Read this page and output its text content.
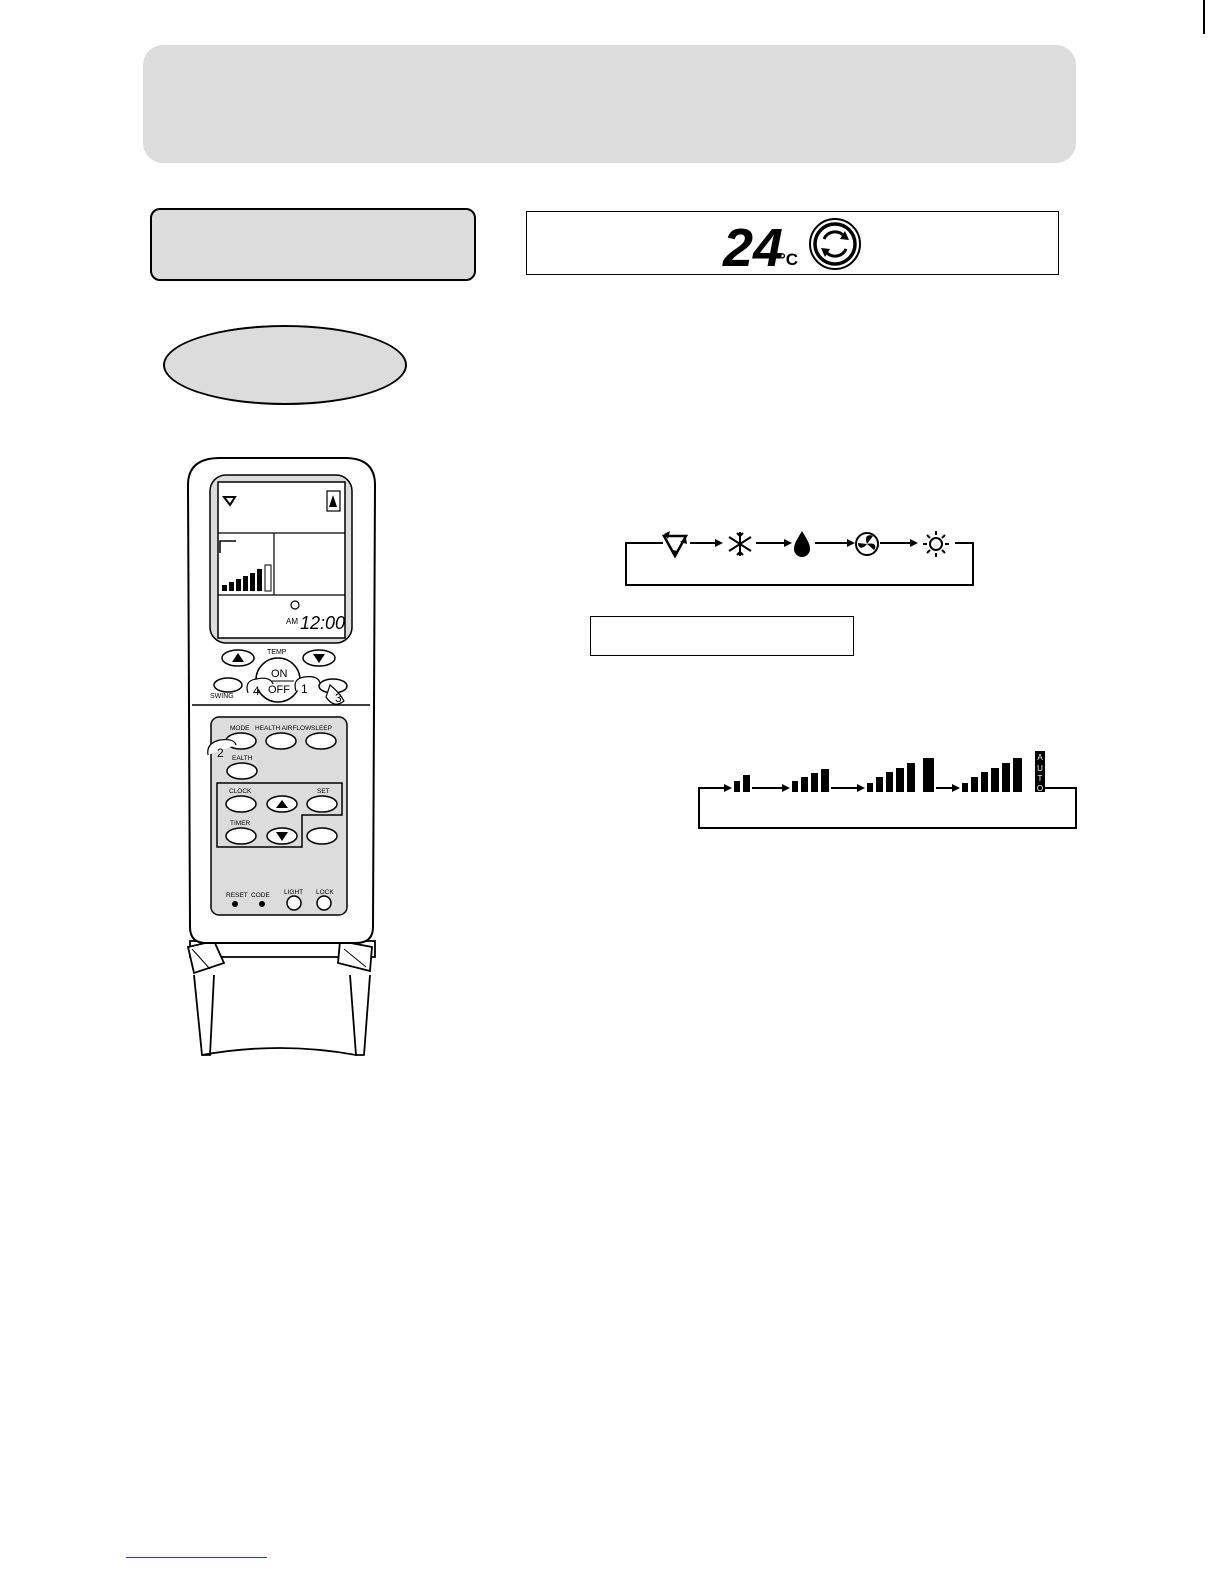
24
°C
A U T O
AM 12:00
TEMP
ON
OFF
SWING 4	1
3
MODE HEALTH AIRFLOW SLEEP
2 EALTH
CLOCK	SET
TIMER
RESET CODE LIGHT LOCK
